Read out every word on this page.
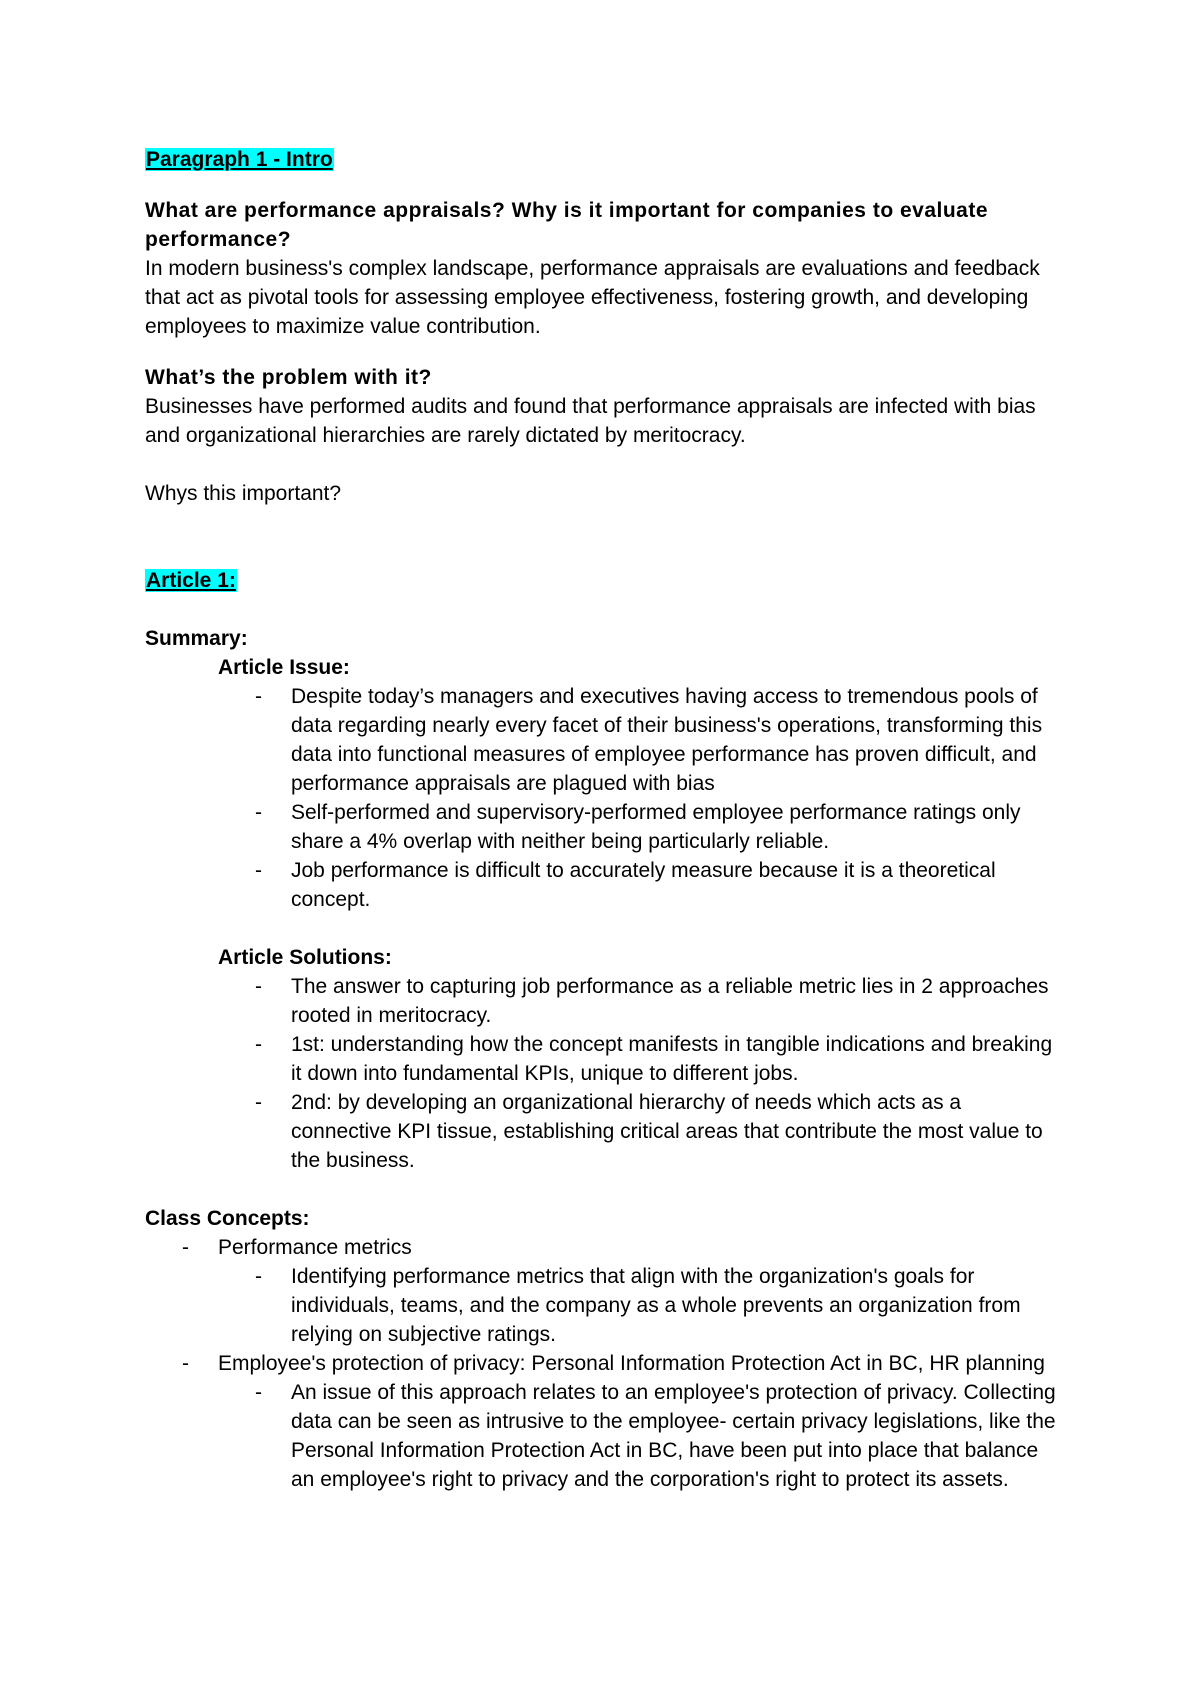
Paragraph 1 - Intro

What are performance appraisals? Why is it important for companies to evaluate performance?

In modern business's complex landscape, performance appraisals are evaluations and feedback that act as pivotal tools for assessing employee effectiveness, fostering growth, and developing employees to maximize value contribution.

What’s the problem with it?

Businesses have performed audits and found that performance appraisals are infected with bias and organizational hierarchies are rarely dictated by meritocracy.

Whys this important?

Article 1:

Summary:

Article Issue:

- Despite today’s managers and executives having access to tremendous pools of data regarding nearly every facet of their business's operations, transforming this data into functional measures of employee performance has proven difficult, and performance appraisals are plagued with bias
- Self-performed and supervisory-performed employee performance ratings only share a 4% overlap with neither being particularly reliable.
- Job performance is difficult to accurately measure because it is a theoretical concept.

Article Solutions:

- The answer to capturing job performance as a reliable metric lies in 2 approaches rooted in meritocracy.
- 1st: understanding how the concept manifests in tangible indications and breaking it down into fundamental KPIs, unique to different jobs.
- 2nd: by developing an organizational hierarchy of needs which acts as a connective KPI tissue, establishing critical areas that contribute the most value to the business.

Class Concepts:

- Performance metrics
- Identifying performance metrics that align with the organization's goals for individuals, teams, and the company as a whole prevents an organization from relying on subjective ratings.
- Employee's protection of privacy: Personal Information Protection Act in BC, HR planning
- An issue of this approach relates to an employee's protection of privacy. Collecting data can be seen as intrusive to the employee- certain privacy legislations, like the Personal Information Protection Act in BC, have been put into place that balance an employee's right to privacy and the corporation's right to protect its assets.
